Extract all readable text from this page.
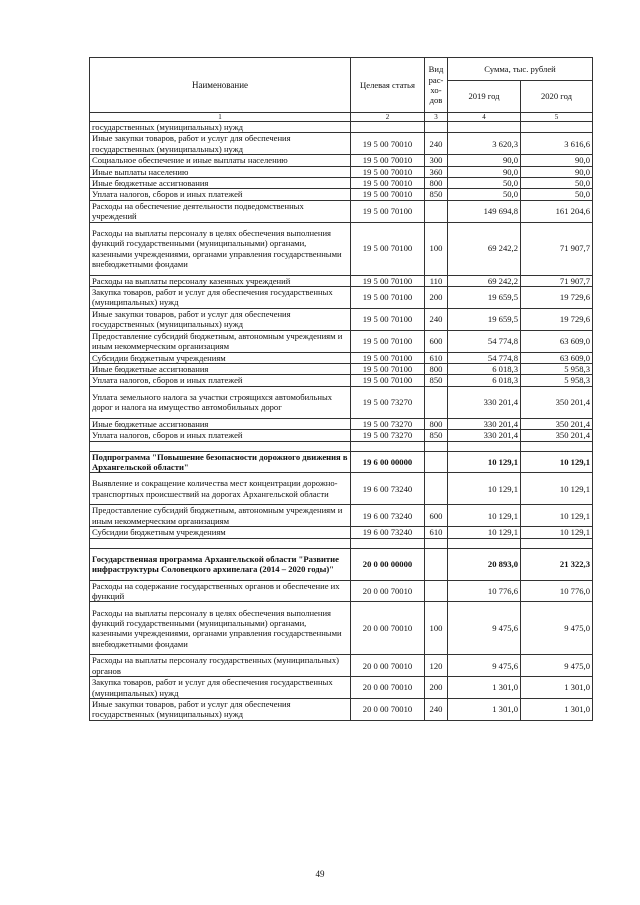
Наименование	Целевая статья	Вид рас-хо-дов	Сумма, тыс. рублей	
			2019 год	2020 год
1	2	3	4	5
государственных (муниципальных) нужд				
Иные закупки товаров, работ и услуг для обеспечения государственных (муниципальных) нужд	19 5 00 70010	240	3 620,3	3 616,6
Социальное обеспечение и иные выплаты населению	19 5 00 70010	300	90,0	90,0
Иные выплаты населению	19 5 00 70010	360	90,0	90,0
Иные бюджетные ассигнования	19 5 00 70010	800	50,0	50,0
Уплата налогов, сборов и иных платежей	19 5 00 70010	850	50,0	50,0
Расходы на обеспечение деятельности подведомственных учреждений	19 5 00 70100		149 694,8	161 204,6
Расходы на выплаты персоналу в целях обеспечения выполнения функций государственными (муниципальными) органами, казенными учреждениями, органами управления государственными внебюджетными фондами	19 5 00 70100	100	69 242,2	71 907,7
Расходы на выплаты персоналу казенных учреждений	19 5 00 70100	110	69 242,2	71 907,7
Закупка товаров, работ и услуг для обеспечения государственных (муниципальных) нужд	19 5 00 70100	200	19 659,5	19 729,6
Иные закупки товаров, работ и услуг для обеспечения государственных (муниципальных) нужд	19 5 00 70100	240	19 659,5	19 729,6
Предоставление субсидий бюджетным, автономным учреждениям и иным некоммерческим организациям	19 5 00 70100	600	54 774,8	63 609,0
Субсидии бюджетным учреждениям	19 5 00 70100	610	54 774,8	63 609,0
Иные бюджетные ассигнования	19 5 00 70100	800	6 018,3	5 958,3
Уплата налогов, сборов и иных платежей	19 5 00 70100	850	6 018,3	5 958,3
Уплата земельного налога за участки строящихся автомобильных дорог и налога на имущество автомобильных дорог	19 5 00 73270		330 201,4	350 201,4
Иные бюджетные ассигнования	19 5 00 73270	800	330 201,4	350 201,4
Уплата налогов, сборов и иных платежей	19 5 00 73270	850	330 201,4	350 201,4

Подпрограмма "Повышение безопасности дорожного движения в Архангельской области"	19 6 00 00000		10 129,1	10 129,1
Выявление и сокращение количества мест концентрации дорожно-транспортных происшествий на дорогах Архангельской области	19 6 00 73240		10 129,1	10 129,1
Предоставление субсидий бюджетным, автономным учреждениям и иным некоммерческим организациям	19 6 00 73240	600	10 129,1	10 129,1
Субсидии бюджетным учреждениям	19 6 00 73240	610	10 129,1	10 129,1

Государственная программа Архангельской области "Развитие инфраструктуры Соловецкого архипелага (2014 – 2020 годы)"	20 0 00 00000		20 893,0	21 322,3
Расходы на содержание государственных органов и обеспечение их функций	20 0 00 70010		10 776,6	10 776,0
Расходы на выплаты персоналу в целях обеспечения выполнения функций государственными (муниципальными) органами, казенными учреждениями, органами управления государственными внебюджетными фондами	20 0 00 70010	100	9 475,6	9 475,0
Расходы на выплаты персоналу государственных (муниципальных) органов	20 0 00 70010	120	9 475,6	9 475,0
Закупка товаров, работ и услуг для обеспечения государственных (муниципальных) нужд	20 0 00 70010	200	1 301,0	1 301,0
Иные закупки товаров, работ и услуг для обеспечения государственных (муниципальных) нужд	20 0 00 70010	240	1 301,0	1 301,0
49
